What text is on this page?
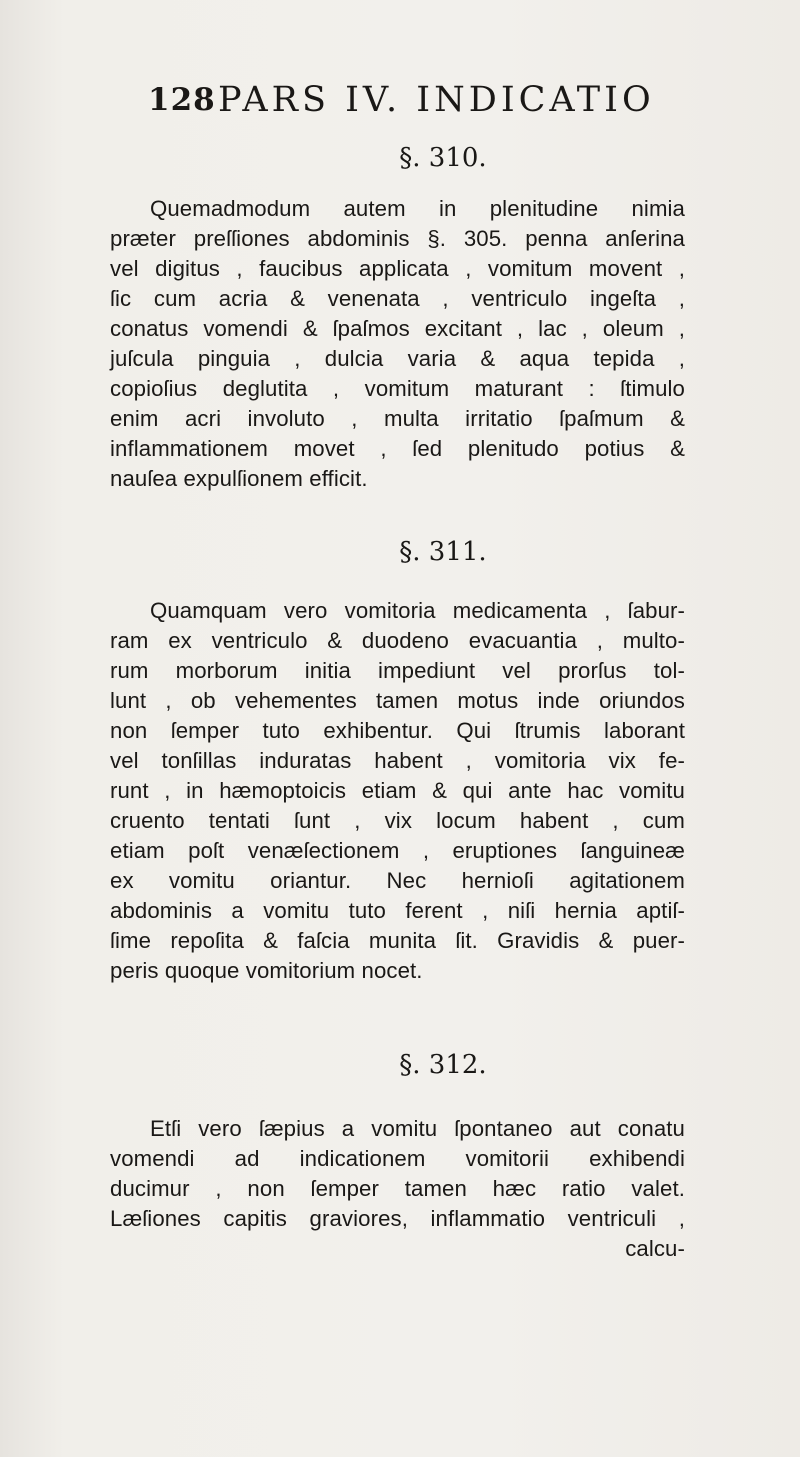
128 PARS IV. INDICATIO
§. 310.
Quemadmodum autem in plenitudine nimia
præter preſſiones abdominis §. 305. penna anſerina
vel digitus , faucibus applicata , vomitum movent ,
ſic cum acria & venenata , ventriculo ingeſta ,
conatus vomendi & ſpaſmos excitant , lac , oleum ,
juſcula pinguia , dulcia varia & aqua tepida ,
copioſius deglutita , vomitum maturant : ſtimulo
enim acri involuto , multa irritatio ſpaſmum &
inflammationem movet , ſed plenitudo potius &
nauſea expulſionem efficit.
§. 311.
Quamquam vero vomitoria medicamenta , ſabur-
ram ex ventriculo & duodeno evacuantia , multo-
rum morborum initia impediunt vel prorſus tol-
lunt , ob vehementes tamen motus inde oriundos
non ſemper tuto exhibentur. Qui ſtrumis laborant
vel tonſillas induratas habent , vomitoria vix fe-
runt , in hæmoptoicis etiam & qui ante hac vomitu
cruento tentati ſunt , vix locum habent , cum
etiam poſt venæſectionem , eruptiones ſanguineæ
ex vomitu oriantur. Nec hernioſi agitationem
abdominis a vomitu tuto ferent , niſi hernia aptiſ-
ſime repoſita & faſcia munita ſit. Gravidis & puer-
peris quoque vomitorium nocet.
§. 312.
Etſi vero ſæpius a vomitu ſpontaneo aut conatu
vomendi ad indicationem vomitorii exhibendi
ducimur , non ſemper tamen hæc ratio valet.
Læſiones capitis graviores, inflammatio ventriculi ,
calcu-
